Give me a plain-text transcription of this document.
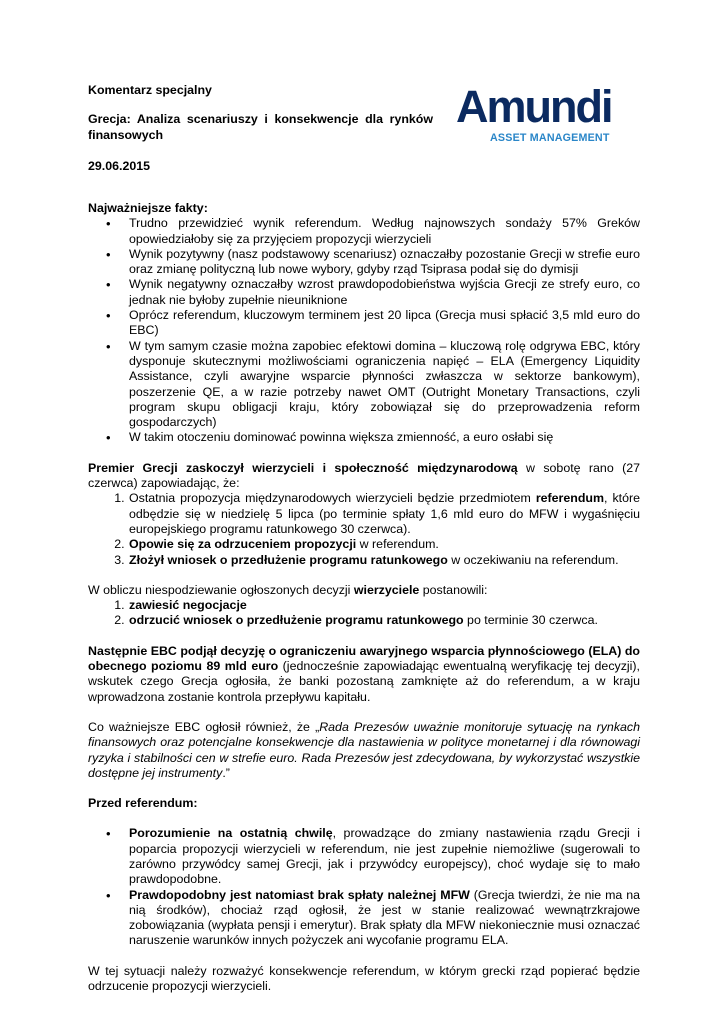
Komentarz specjalny

Grecja: Analiza scenariuszy i konsekwencje dla rynków finansowych

29.06.2015

Amundi
ASSET MANAGEMENT

Najważniejsze fakty:

• Trudno przewidzieć wynik referendum. Według najnowszych sondaży 57% Greków opowiedziałoby się za przyjęciem propozycji wierzycieli
• Wynik pozytywny (nasz podstawowy scenariusz) oznaczałby pozostanie Grecji w strefie euro oraz zmianę polityczną lub nowe wybory, gdyby rząd Tsiprasa podał się do dymisji
• Wynik negatywny oznaczałby wzrost prawdopodobieństwa wyjścia Grecji ze strefy euro, co jednak nie byłoby zupełnie nieuniknione
• Oprócz referendum, kluczowym terminem jest 20 lipca (Grecja musi spłacić 3,5 mld euro do EBC)
• W tym samym czasie można zapobiec efektowi domina – kluczową rolę odgrywa EBC, który dysponuje skutecznymi możliwościami ograniczenia napięć – ELA (Emergency Liquidity Assistance, czyli awaryjne wsparcie płynności zwłaszcza w sektorze bankowym), poszerzenie QE, a w razie potrzeby nawet OMT (Outright Monetary Transactions, czyli program skupu obligacji kraju, który zobowiązał się do przeprowadzenia reform gospodarczych)
• W takim otoczeniu dominować powinna większa zmienność, a euro osłabi się

Premier Grecji zaskoczył wierzycieli i społeczność międzynarodową w sobotę rano (27 czerwca) zapowiadając, że:

1. Ostatnia propozycja międzynarodowych wierzycieli będzie przedmiotem referendum, które odbędzie się w niedzielę 5 lipca (po terminie spłaty 1,6 mld euro do MFW i wygaśnięciu europejskiego programu ratunkowego 30 czerwca).
2. Opowie się za odrzuceniem propozycji w referendum.
3. Złożył wniosek o przedłużenie programu ratunkowego w oczekiwaniu na referendum.

W obliczu niespodziewanie ogłoszonych decyzji wierzyciele postanowili:

1. zawiesić negocjacje
2. odrzucić wniosek o przedłużenie programu ratunkowego po terminie 30 czerwca.

Następnie EBC podjął decyzję o ograniczeniu awaryjnego wsparcia płynnościowego (ELA) do obecnego poziomu 89 mld euro (jednocześnie zapowiadając ewentualną weryfikację tej decyzji), wskutek czego Grecja ogłosiła, że banki pozostaną zamknięte aż do referendum, a w kraju wprowadzona zostanie kontrola przepływu kapitału.

Co ważniejsze EBC ogłosił również, że „Rada Prezesów uważnie monitoruje sytuację na rynkach finansowych oraz potencjalne konsekwencje dla nastawienia w polityce monetarnej i dla równowagi ryzyka i stabilności cen w strefie euro. Rada Prezesów jest zdecydowana, by wykorzystać wszystkie dostępne jej instrumenty.”

Przed referendum:

• Porozumienie na ostatnią chwilę, prowadzące do zmiany nastawienia rządu Grecji i poparcia propozycji wierzycieli w referendum, nie jest zupełnie niemożliwe (sugerowali to zarówno przywódcy samej Grecji, jak i przywódcy europejscy), choć wydaje się to mało prawdopodobne.
• Prawdopodobny jest natomiast brak spłaty należnej MFW (Grecja twierdzi, że nie ma na nią środków), chociaż rząd ogłosił, że jest w stanie realizować wewnątrzkrajowe zobowiązania (wypłata pensji i emerytur). Brak spłaty dla MFW niekoniecznie musi oznaczać naruszenie warunków innych pożyczek ani wycofanie programu ELA.

W tej sytuacji należy rozważyć konsekwencje referendum, w którym grecki rząd popierać będzie odrzucenie propozycji wierzycieli.
